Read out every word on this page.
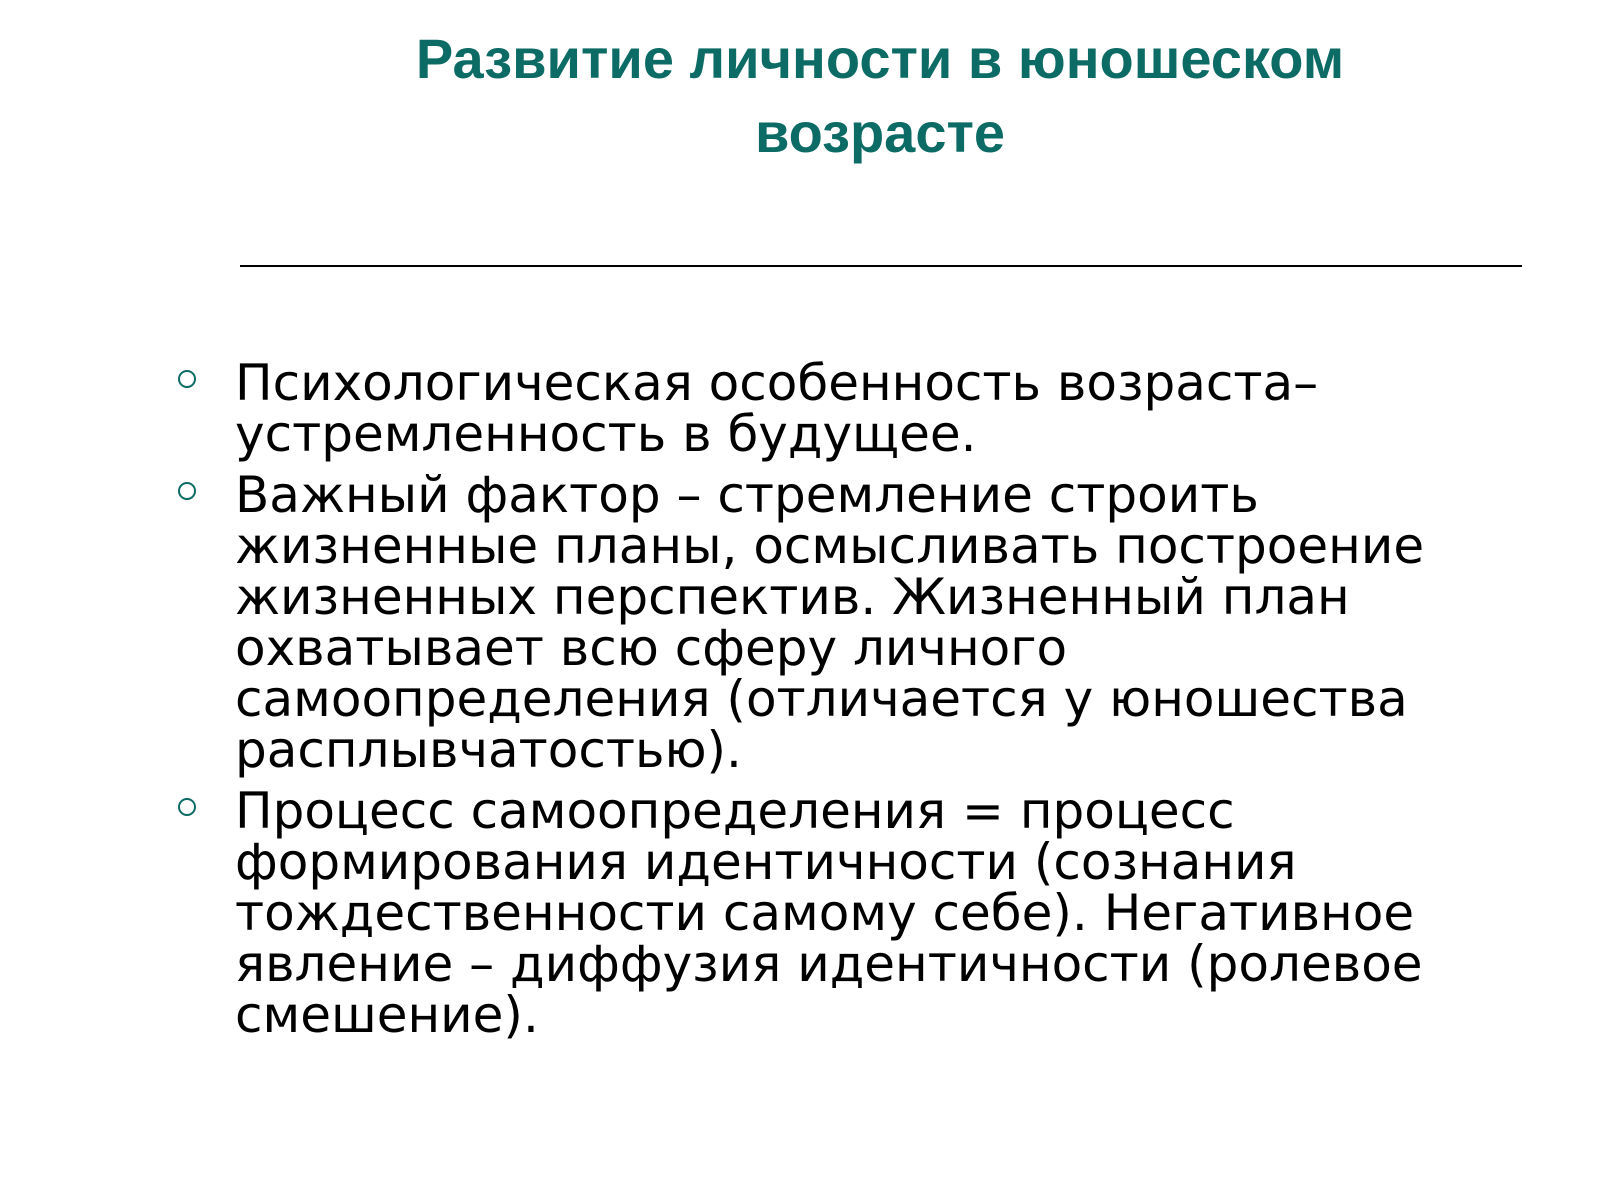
Развитие личности в юношеском
возрасте
Психологическая особенность возраста–
устремленность в будущее.
Важный фактор – стремление строить
жизненные планы, осмысливать построение
жизненных перспектив. Жизненный план
охватывает всю сферу личного
самоопределения (отличается у юношества
расплывчатостью).
Процесс самоопределения = процесс
формирования идентичности (сознания
тождественности самому себе). Негативное
явление – диффузия идентичности (ролевое
смешение).
